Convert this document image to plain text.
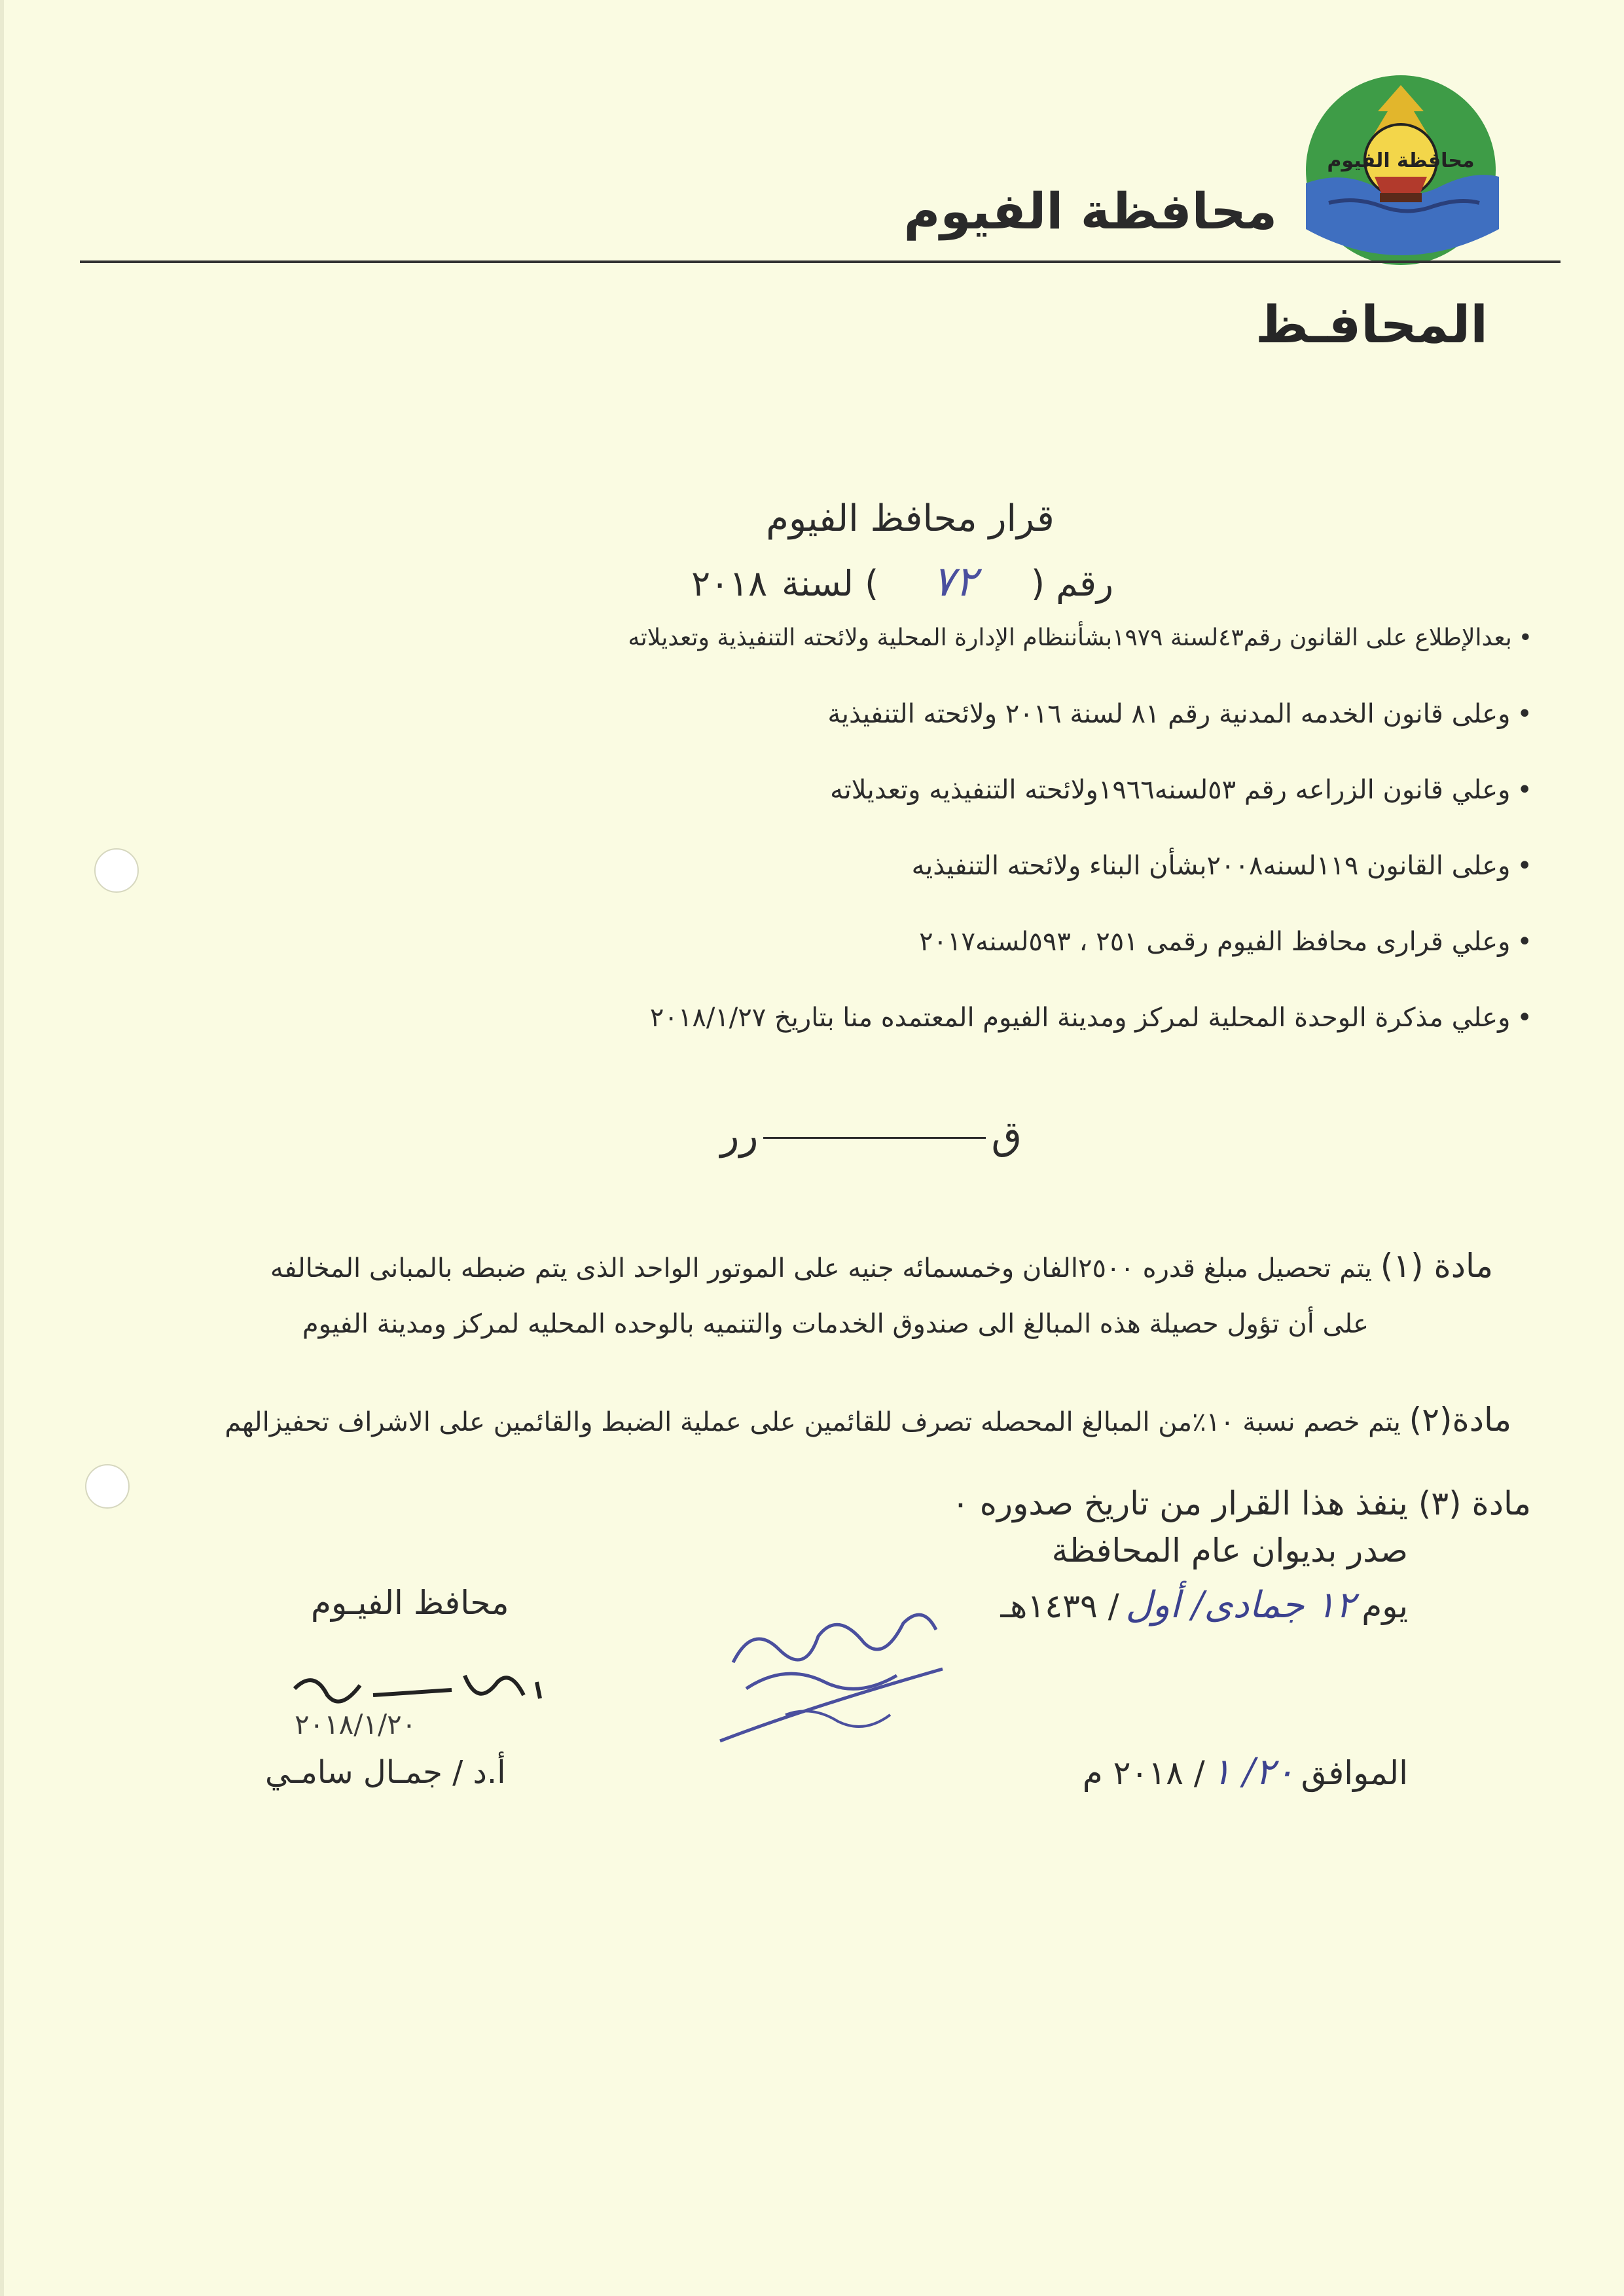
محافظة الفيوم
محافظة الفيوم
المحافـظ
قرار محافظ الفيوم
رقم (
٧٢
) لسنة
٢٠١٨
• بعدالإطلاع على القانون رقم٤٣لسنة ١٩٧٩بشأننظام الإدارة المحلية ولائحته التنفيذية وتعديلاته
• وعلى قانون الخدمه المدنية رقم ٨١ لسنة ٢٠١٦ ولائحته التنفيذية
• وعلي قانون الزراعه رقم ٥٣لسنه١٩٦٦ولائحته التنفيذيه وتعديلاته
• وعلى القانون ١١٩لسنه٢٠٠٨بشأن البناء ولائحته التنفيذيه
• وعلي قرارى محافظ الفيوم رقمى ٢٥١ ، ٥٩٣لسنه٢٠١٧
• وعلي مذكرة الوحدة المحلية لمركز ومدينة الفيوم المعتمده منا بتاريخ ٢٠١٨/١/٢٧
قرر
مادة (١) يتم تحصيل مبلغ قدره ٢٥٠٠الفان وخمسمائه جنيه على الموتور الواحد الذى يتم ضبطه بالمبانى المخالفه
على أن تؤول حصيلة هذه المبالغ الى صندوق الخدمات والتنميه بالوحده المحليه لمركز ومدينة الفيوم
مادة(٢) يتم خصم نسبة ١٠٪من المبالغ المحصله تصرف للقائمين على عملية الضبط والقائمين على الاشراف تحفيزالهم
مادة (٣) ينفذ هذا القرار من تاريخ صدوره ٠
صدر بديوان عام المحافظة
يوم
١٢ جمادى/ أول
/ ١٤٣٩هـ
الموافق
٢٠/ ١
/ ٢٠١٨ م
محافظ الفيـوم
٢٠١٨/١/٢٠
أ.د / جمـال سامـي
